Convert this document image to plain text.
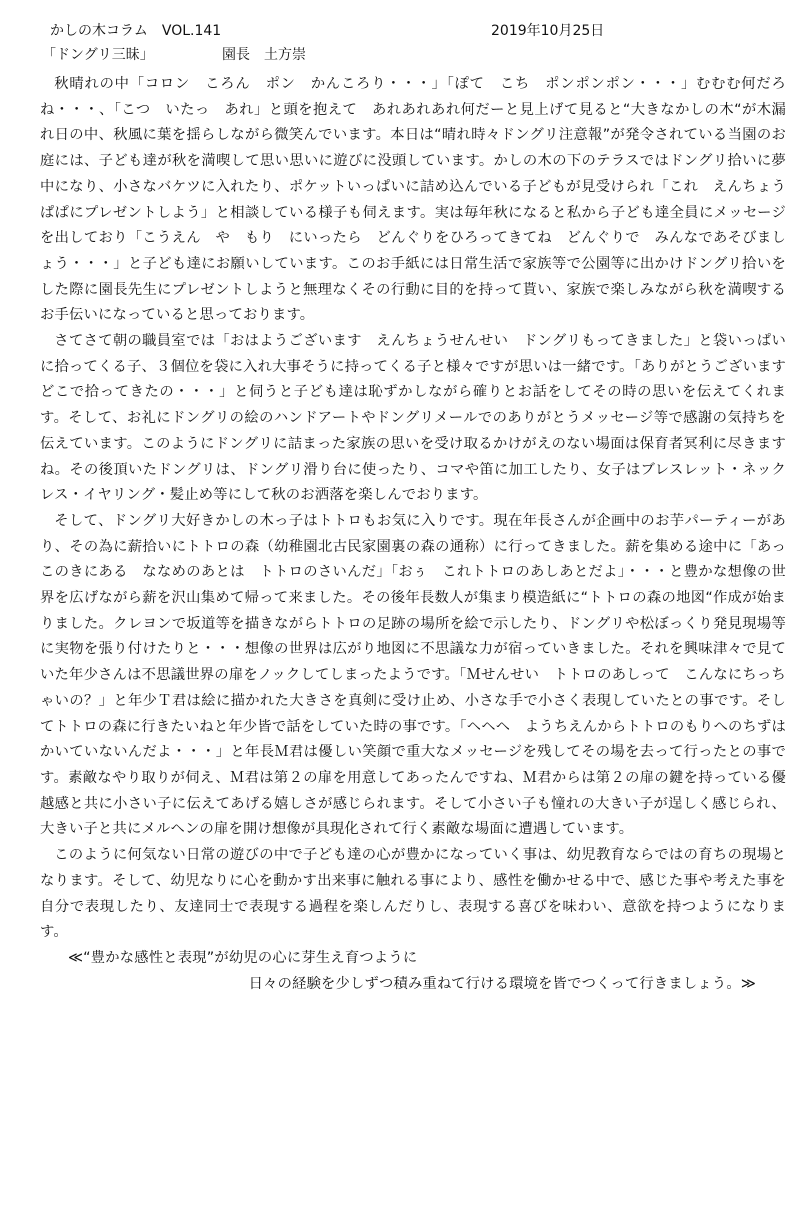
かしの木コラム　VOL.141	2019年10月25日
「ドングリ三昧」	園長　土方崇

秋晴れの中「コロン　ころん　ポン　かんころり・・・」「ぽて　こち　ポンポンポン・・・」むむむ何だろね・・・、「こつ　いたっ　あれ」と頭を抱えて　あれあれあれ何だーと見上げて見ると“大きなかしの木“が木漏れ日の中、秋風に葉を揺らしながら微笑んでいます。本日は“晴れ時々ドングリ注意報”が発令されている当園のお庭には、子ども達が秋を満喫して思い思いに遊びに没頭しています。かしの木の下のテラスではドングリ拾いに夢中になり、小さなバケツに入れたり、ポケットいっぱいに詰め込んでいる子どもが見受けられ「これ　えんちょうぱぱにプレゼントしよう」と相談している様子も伺えます。実は毎年秋になると私から子ども達全員にメッセージを出しており「こうえん　や　もり　にいったら　どんぐりをひろってきてね　どんぐりで　みんなであそびましょう・・・」と子ども達にお願いしています。このお手紙には日常生活で家族等で公園等に出かけドングリ拾いをした際に園長先生にプレゼントしようと無理なくその行動に目的を持って貰い、家族で楽しみながら秋を満喫するお手伝いになっていると思っております。

さてさて朝の職員室では「おはようございます　えんちょうせんせい　ドングリもってきました」と袋いっぱいに拾ってくる子、３個位を袋に入れ大事そうに持ってくる子と様々ですが思いは一緒です。「ありがとうございます　どこで拾ってきたの・・・」と伺うと子ども達は恥ずかしながら確りとお話をしてその時の思いを伝えてくれます。そして、お礼にドングリの絵のハンドアートやドングリメールでのありがとうメッセージ等で感謝の気持ちを伝えています。このようにドングリに詰まった家族の思いを受け取るかけがえのない場面は保育者冥利に尽きますね。その後頂いたドングリは、ドングリ滑り台に使ったり、コマや笛に加工したり、女子はブレスレット・ネックレス・イヤリング・髪止め等にして秋のお洒落を楽しんでおります。

そして、ドングリ大好きかしの木っ子はトトロもお気に入りです。現在年長さんが企画中のお芋パーティーがあり、その為に薪拾いにトトロの森（幼稚園北古民家園裏の森の通称）に行ってきました。薪を集める途中に「あっ　このきにある　ななめのあとは　トトロのさいんだ」「おぅ　これトトロのあしあとだよ」・・・と豊かな想像の世界を広げながら薪を沢山集めて帰って来ました。その後年長数人が集まり模造紙に“トトロの森の地図“作成が始まりました。クレヨンで坂道等を描きながらトトロの足跡の場所を絵で示したり、ドングリや松ぼっくり発見現場等に実物を張り付けたりと・・・想像の世界は広がり地図に不思議な力が宿っていきました。それを興味津々で見ていた年少さんは不思議世界の扉をノックしてしまったようです。「Ｍせんせい　トトロのあしって　こんなにちっちゃいの？」と年少Ｔ君は絵に描かれた大きさを真剣に受け止め、小さな手で小さく表現していたとの事です。そしてトトロの森に行きたいねと年少皆で話をしていた時の事です。「ヘヘヘ　ようちえんからトトロのもりへのちずは　かいていないんだよ・・・」と年長Ｍ君は優しい笑顔で重大なメッセージを残してその場を去って行ったとの事です。素敵なやり取りが伺え、Ｍ君は第２の扉を用意してあったんですね、Ｍ君からは第２の扉の鍵を持っている優越感と共に小さい子に伝えてあげる嬉しさが感じられます。そして小さい子も憧れの大きい子が逞しく感じられ、大きい子と共にメルヘンの扉を開け想像が具現化されて行く素敵な場面に遭遇しています。

このように何気ない日常の遊びの中で子ども達の心が豊かになっていく事は、幼児教育ならではの育ちの現場となります。そして、幼児なりに心を動かす出来事に触れる事により、感性を働かせる中で、感じた事や考えた事を自分で表現したり、友達同士で表現する過程を楽しんだりし、表現する喜びを味わい、意欲を持つようになります。

≪“豊かな感性と表現”が幼児の心に芽生え育つように

日々の経験を少しずつ積み重ねて行ける環境を皆でつくって行きましょう。≫
